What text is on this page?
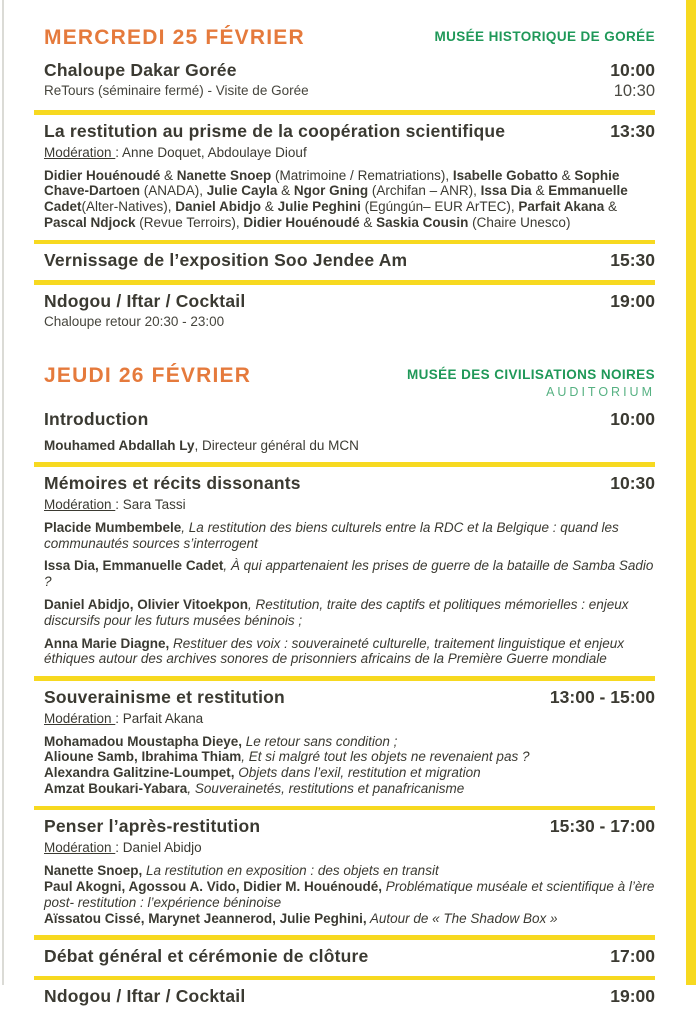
MERCREDI 25 FÉVRIER	MUSÉE HISTORIQUE DE GORÉE
Chaloupe Dakar Gorée	10:00
ReTours (séminaire fermé) - Visite de Gorée	10:30
La restitution au prisme de la coopération scientifique	13:30

Modération : Anne Doquet, Abdoulaye Diouf

Didier Houénoudé & Nanette Snoep (Matrimoine / Rematriations), Isabelle Gobatto & Sophie Chave-Dartoen (ANADA), Julie Cayla & Ngor Gning (Archifan – ANR), Issa Dia & Emmanuelle Cadet(Alter-Natives), Daniel Abidjo & Julie Peghini (Egúngún– EUR ArTEC), Parfait Akana & Pascal Ndjock (Revue Terroirs), Didier Houénoudé & Saskia Cousin (Chaire Unesco)

Vernissage de l’exposition Soo Jendee Am	15:30
Ndogou / Iftar / Cocktail	19:00
Chaloupe retour 20:30 - 23:00
JEUDI 26 FÉVRIER	MUSÉE DES CIVILISATIONS NOIRES
AUDITORIUM
Introduction	10:00

Mouhamed Abdallah Ly, Directeur général du MCN

Mémoires et récits dissonants	10:30

Modération : Sara Tassi

Placide Mumbembele, La restitution des biens culturels entre la RDC et la Belgique : quand les communautés sources s’interrogent

Issa Dia, Emmanuelle Cadet, À qui appartenaient les prises de guerre de la bataille de Samba Sadio ?

Daniel Abidjo, Olivier Vitoekpon, Restitution, traite des captifs et politiques mémorielles : enjeux discursifs pour les futurs musées béninois ;

Anna Marie Diagne, Restituer des voix : souveraineté culturelle, traitement linguistique et enjeux éthiques autour des archives sonores de prisonniers africains de la Première Guerre mondiale

Souverainisme et restitution	13:00 - 15:00

Modération : Parfait Akana

Mohamadou Moustapha Dieye, Le retour sans condition ;

Alioune Samb, Ibrahima Thiam, Et si malgré tout les objets ne revenaient pas ?

Alexandra Galitzine-Loumpet, Objets dans l’exil, restitution et migration

Amzat Boukari-Yabara, Souverainetés, restitutions et panafricanisme

Penser l’après-restitution	15:30 - 17:00

Modération : Daniel Abidjo

Nanette Snoep, La restitution en exposition : des objets en transit

Paul Akogni, Agossou A. Vido, Didier M. Houénoudé, Problématique muséale et scientifique à l’ère post- restitution : l’expérience béninoise

Aïssatou Cissé, Marynet Jeannerod, Julie Peghini, Autour de « The Shadow Box »

Débat général et cérémonie de clôture	17:00
Ndogou / Iftar / Cocktail	19:00
